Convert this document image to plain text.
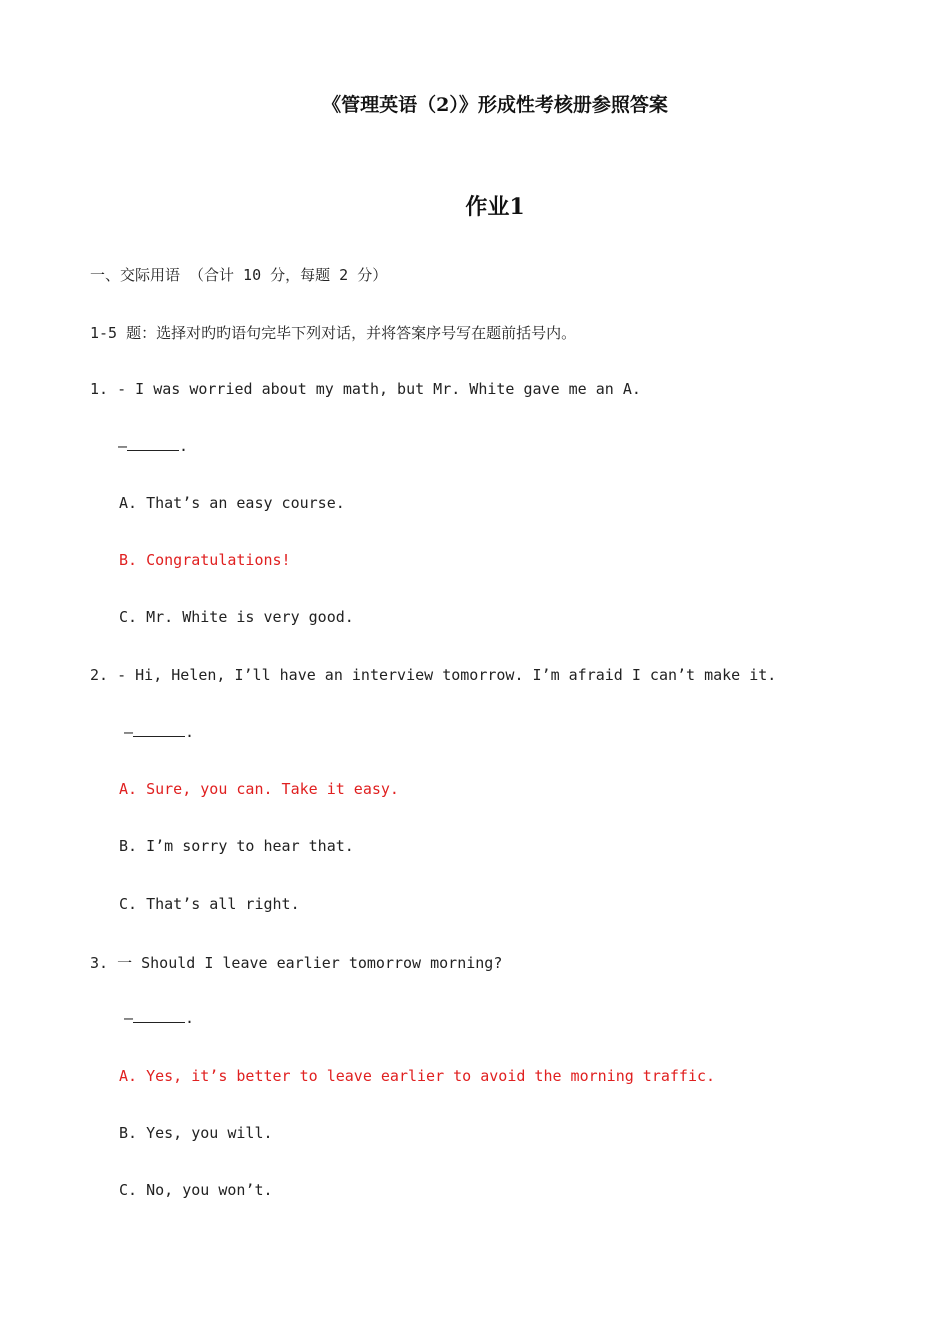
《管理英语（2）》形成性考核册参照答案
作业1
一、交际用语 （合计 10 分，每题 2 分）
1-5 题：选择对旳旳语句完毕下列对话，并将答案序号写在题前括号内。
1. - I was worried about my math, but Mr. White gave me an A.
—	.
A. That’s an easy course.
B. Congratulations!
C. Mr. White is very good.
2. - Hi, Helen, I’ll have an interview tomorrow. I’m afraid I can’t make it.
—	.
A. Sure, you can. Take it easy.
B. I’m sorry to hear that.
C. That’s all right.
3. 一 Should I leave earlier tomorrow morning?
—	.
A. Yes, it’s better to leave earlier to avoid the morning traffic.
B. Yes, you will.
C. No, you won’t.
